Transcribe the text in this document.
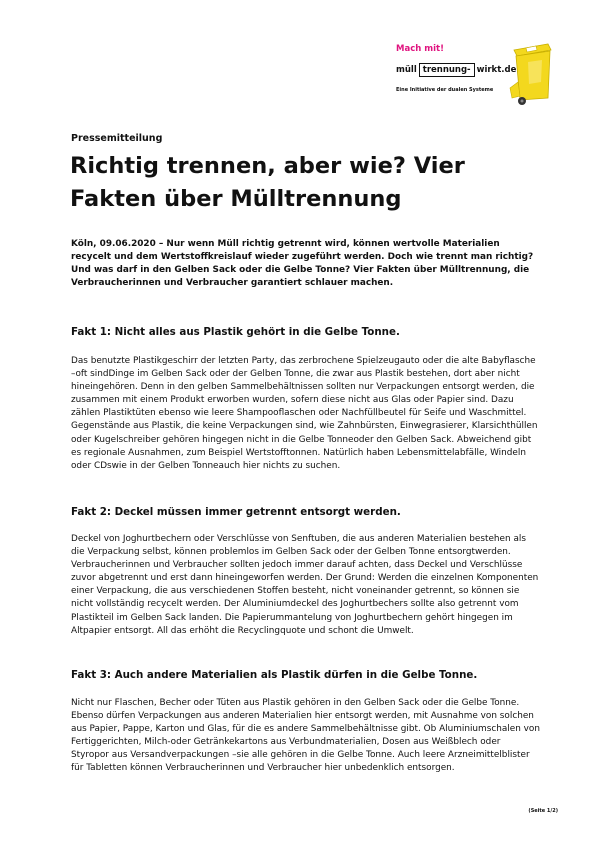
Mach mit!
müll trennung- wirkt.de
Eine Initiative der dualen Systeme
Pressemitteilung
Richtig trennen, aber wie? Vier Fakten über Mülltrennung

Köln, 09.06.2020 – Nur wenn Müll richtig getrennt wird, können wertvolle Materialien recycelt und dem Wertstoffkreislauf wieder zugeführt werden. Doch wie trennt man richtig? Und was darf in den Gelben Sack oder die Gelbe Tonne? Vier Fakten über Mülltrennung, die Verbraucherinnen und Verbraucher garantiert schlauer machen.

Fakt 1: Nicht alles aus Plastik gehört in die Gelbe Tonne.

Das benutzte Plastikgeschirr der letzten Party, das zerbrochene Spielzeugauto oder die alte Babyflasche –oft sindDinge im Gelben Sack oder der Gelben Tonne, die zwar aus Plastik bestehen, dort aber nicht hineingehören. Denn in den gelben Sammelbehältnissen sollten nur Verpackungen entsorgt werden, die zusammen mit einem Produkt erworben wurden, sofern diese nicht aus Glas oder Papier sind. Dazu zählen Plastiktüten ebenso wie leere Shampooflaschen oder Nachfüllbeutel für Seife und Waschmittel. Gegenstände aus Plastik, die keine Verpackungen sind, wie Zahnbürsten, Einwegrasierer, Klarsichthüllen oder Kugelschreiber gehören hingegen nicht in die Gelbe Tonneoder den Gelben Sack. Abweichend gibt es regionale Ausnahmen, zum Beispiel Wertstofftonnen. Natürlich haben Lebensmittelabfälle, Windeln oder CDswie in der Gelben Tonneauch hier nichts zu suchen.

Fakt 2: Deckel müssen immer getrennt entsorgt werden.

Deckel von Joghurtbechern oder Verschlüsse von Senftuben, die aus anderen Materialien bestehen als die Verpackung selbst, können problemlos im Gelben Sack oder der Gelben Tonne entsorgtwerden. Verbraucherinnen und Verbraucher sollten jedoch immer darauf achten, dass Deckel und Verschlüsse zuvor abgetrennt und erst dann hineingeworfen werden. Der Grund: Werden die einzelnen Komponenten einer Verpackung, die aus verschiedenen Stoffen besteht, nicht voneinander getrennt, so können sie nicht vollständig recycelt werden. Der Aluminiumdeckel des Joghurtbechers sollte also getrennt vom Plastikteil im Gelben Sack landen. Die Papierummantelung von Joghurtbechern gehört hingegen im Altpapier entsorgt. All das erhöht die Recyclingquote und schont die Umwelt.

Fakt 3: Auch andere Materialien als Plastik dürfen in die Gelbe Tonne.

Nicht nur Flaschen, Becher oder Tüten aus Plastik gehören in den Gelben Sack oder die Gelbe Tonne. Ebenso dürfen Verpackungen aus anderen Materialien hier entsorgt werden, mit Ausnahme von solchen aus Papier, Pappe, Karton und Glas, für die es andere Sammelbehältnisse gibt. Ob Aluminiumschalen von Fertiggerichten, Milch-oder Getränkekartons aus Verbundmaterialien, Dosen aus Weißblech oder Styropor aus Versandverpackungen –sie alle gehören in die Gelbe Tonne. Auch leere Arzneimittelblister für Tabletten können Verbraucherinnen und Verbraucher hier unbedenklich entsorgen.

(Seite 1/2)
